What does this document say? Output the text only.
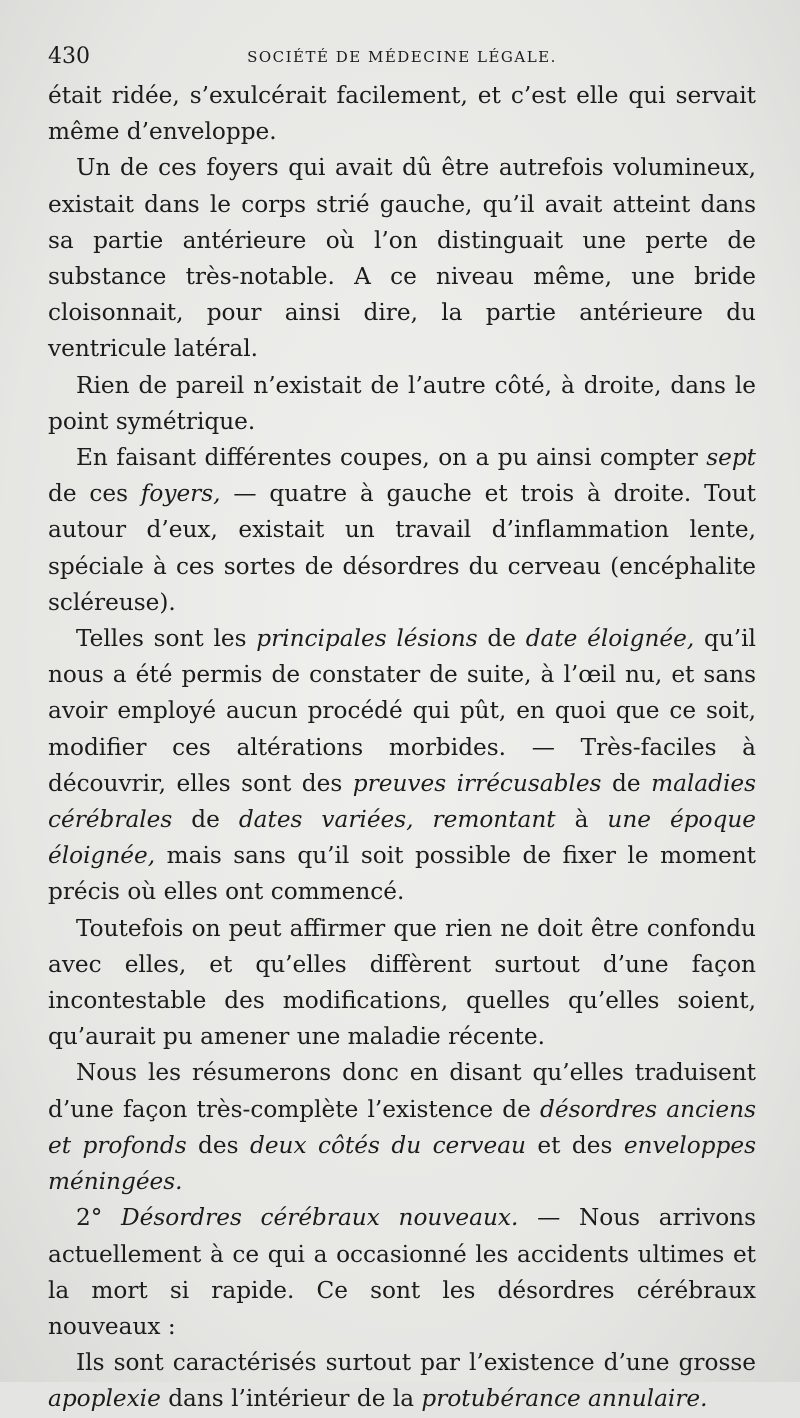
430	SOCIÉTÉ DE MÉDECINE LÉGALE.

était ridée, s’exulcérait facilement, et c’est elle qui servait même d’enveloppe.

Un de ces foyers qui avait dû être autrefois volumineux, existait dans le corps strié gauche, qu’il avait atteint dans sa partie antérieure où l’on distinguait une perte de substance très-notable. A ce niveau même, une bride cloisonnait, pour ainsi dire, la partie antérieure du ventricule latéral.

Rien de pareil n’existait de l’autre côté, à droite, dans le point symétrique.

En faisant différentes coupes, on a pu ainsi compter sept de ces foyers, — quatre à gauche et trois à droite. Tout autour d’eux, existait un travail d’inflammation lente, spéciale à ces sortes de désordres du cerveau (encéphalite scléreuse).

Telles sont les principales lésions de date éloignée, qu’il nous a été permis de constater de suite, à l’œil nu, et sans avoir employé aucun procédé qui pût, en quoi que ce soit, modifier ces altérations morbides. — Très-faciles à découvrir, elles sont des preuves irrécusables de maladies cérébrales de dates variées, remontant à une époque éloignée, mais sans qu’il soit possible de fixer le moment précis où elles ont commencé.

Toutefois on peut affirmer que rien ne doit être confondu avec elles, et qu’elles diffèrent surtout d’une façon incontestable des modifications, quelles qu’elles soient, qu’aurait pu amener une maladie récente.

Nous les résumerons donc en disant qu’elles traduisent d’une façon très-complète l’existence de désordres anciens et profonds des deux côtés du cerveau et des enveloppes méningées.

2° Désordres cérébraux nouveaux. — Nous arrivons actuellement à ce qui a occasionné les accidents ultimes et la mort si rapide. Ce sont les désordres cérébraux nouveaux :

Ils sont caractérisés surtout par l’existence d’une grosse apoplexie dans l’intérieur de la protubérance annulaire.
